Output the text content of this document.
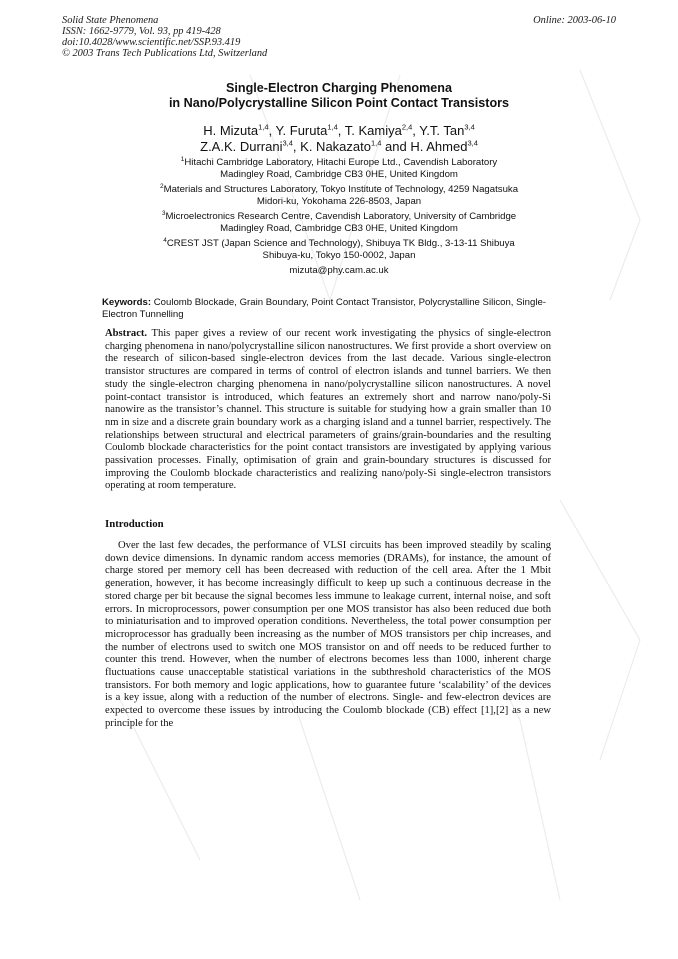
Solid State Phenomena
ISSN: 1662-9779, Vol. 93, pp 419-428
doi:10.4028/www.scientific.net/SSP.93.419
© 2003 Trans Tech Publications Ltd, Switzerland
Online: 2003-06-10
Single-Electron Charging Phenomena
in Nano/Polycrystalline Silicon Point Contact Transistors
H. Mizuta$^{1,4}$, Y. Furuta$^{1,4}$, T. Kamiya$^{2,4}$, Y.T. Tan$^{3,4}$
Z.A.K. Durrani$^{3,4}$, K. Nakazato$^{1,4}$ and H. Ahmed$^{3,4}$
$^1$Hitachi Cambridge Laboratory, Hitachi Europe Ltd., Cavendish Laboratory
Madingley Road, Cambridge CB3 0HE, United Kingdom
$^2$Materials and Structures Laboratory, Tokyo Institute of Technology, 4259 Nagatsuka
Midori-ku, Yokohama 226-8503, Japan
$^3$Microelectronics Research Centre, Cavendish Laboratory, University of Cambridge
Madingley Road, Cambridge CB3 0HE, United Kingdom
$^4$CREST JST (Japan Science and Technology), Shibuya TK Bldg., 3-13-11 Shibuya
Shibuya-ku, Tokyo 150-0002, Japan
mizuta@phy.cam.ac.uk
Keywords: Coulomb Blockade, Grain Boundary, Point Contact Transistor, Polycrystalline Silicon, Single-Electron Tunnelling
Abstract. This paper gives a review of our recent work investigating the physics of single-electron charging phenomena in nano/polycrystalline silicon nanostructures. We first provide a short overview on the research of silicon-based single-electron devices from the last decade. Various single-electron transistor structures are compared in terms of control of electron islands and tunnel barriers. We then study the single-electron charging phenomena in nano/polycrystalline silicon nanostructures. A novel point-contact transistor is introduced, which features an extremely short and narrow nano/poly-Si nanowire as the transistor’s channel. This structure is suitable for studying how a grain smaller than 10 nm in size and a discrete grain boundary work as a charging island and a tunnel barrier, respectively. The relationships between structural and electrical parameters of grains/grain-boundaries and the resulting Coulomb blockade characteristics for the point contact transistors are investigated by applying various passivation processes. Finally, optimisation of grain and grain-boundary structures is discussed for improving the Coulomb blockade characteristics and realizing nano/poly-Si single-electron transistors operating at room temperature.
Introduction
Over the last few decades, the performance of VLSI circuits has been improved steadily by scaling down device dimensions. In dynamic random access memories (DRAMs), for instance, the amount of charge stored per memory cell has been decreased with reduction of the cell area. After the 1 Mbit generation, however, it has become increasingly difficult to keep up such a continuous decrease in the stored charge per bit because the signal becomes less immune to leakage current, internal noise, and soft errors. In microprocessors, power consumption per one MOS transistor has also been reduced due both to miniaturisation and to improved operation conditions. Nevertheless, the total power consumption per microprocessor has gradually been increasing as the number of MOS transistors per chip increases, and the number of electrons used to switch one MOS transistor on and off needs to be reduced further to counter this trend. However, when the number of electrons becomes less than 1000, inherent charge fluctuations cause unacceptable statistical variations in the subthreshold characteristics of the MOS transistors. For both memory and logic applications, how to guarantee future ‘scalability’ of the devices is a key issue, along with a reduction of the number of electrons. Single- and few-electron devices are expected to overcome these issues by introducing the Coulomb blockade (CB) effect [1],[2] as a new principle for the
